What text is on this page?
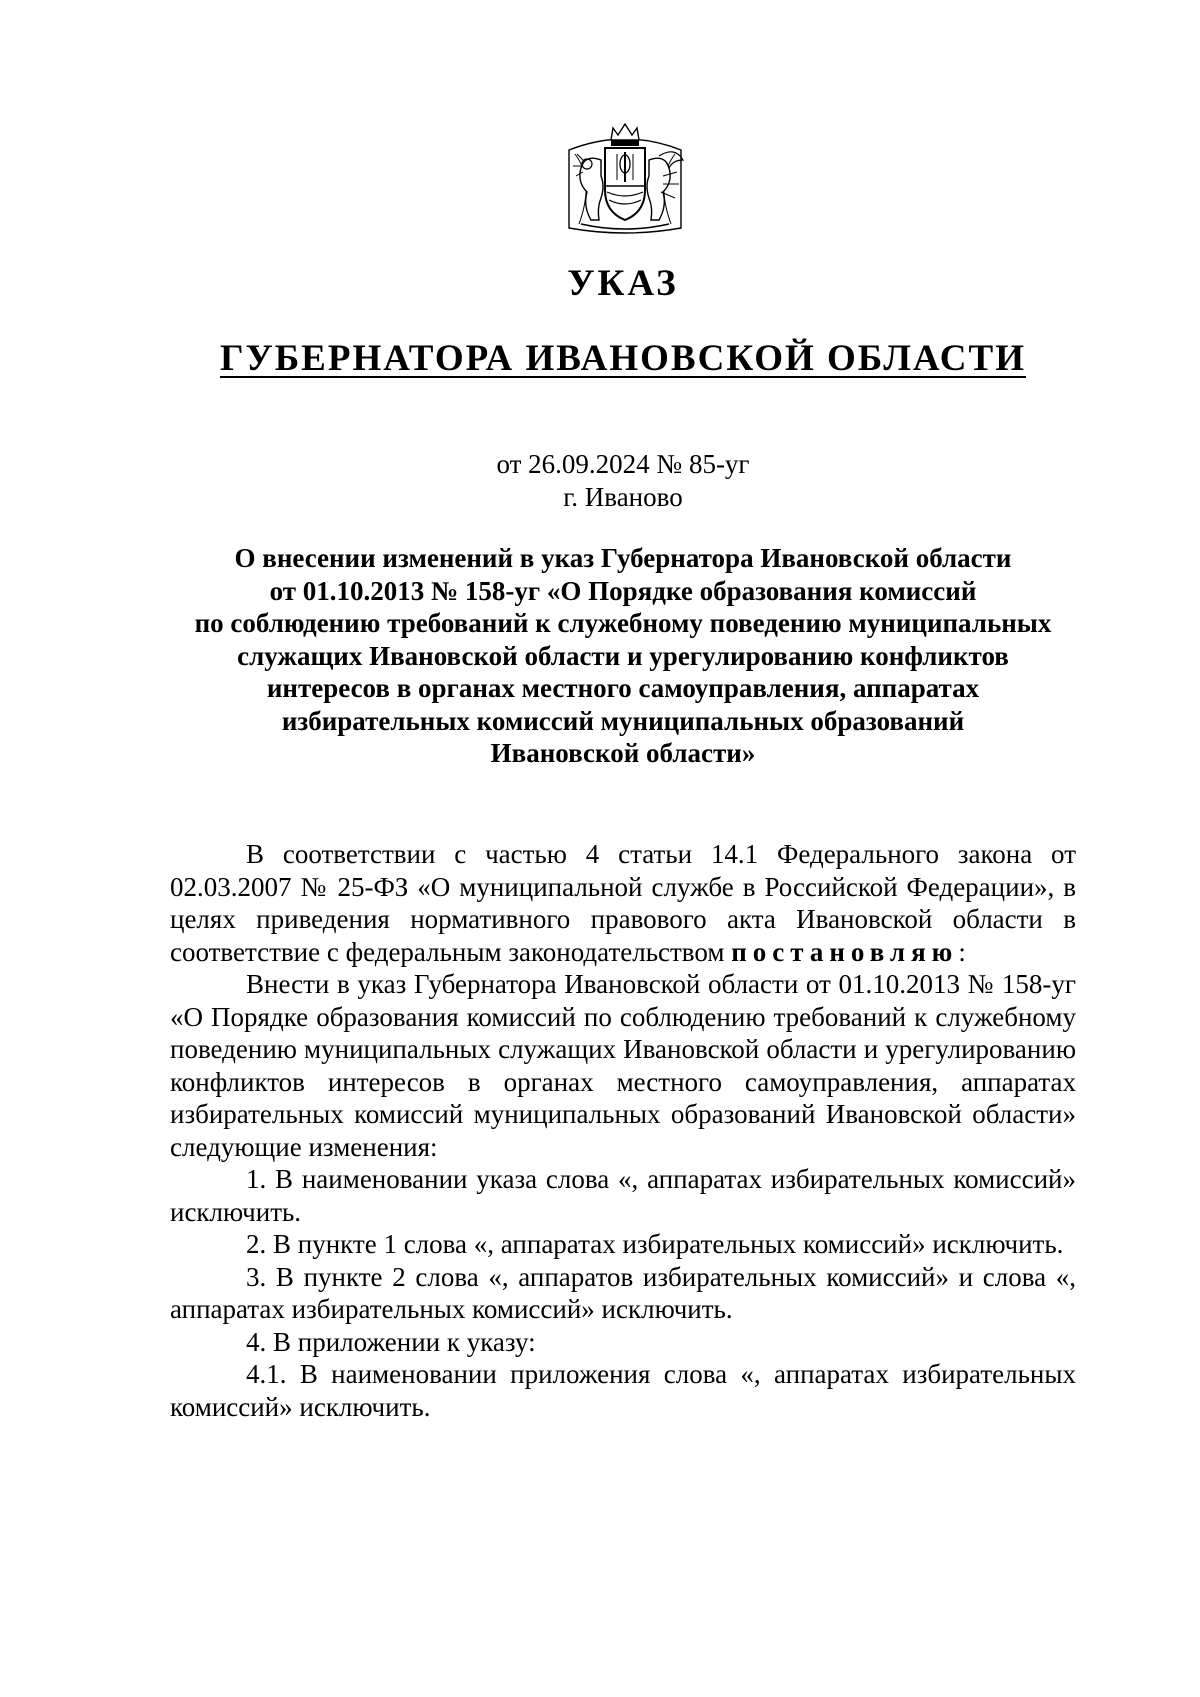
УКАЗ
ГУБЕРНАТОРА ИВАНОВСКОЙ ОБЛАСТИ
от 26.09.2024 № 85-уг
г. Иваново
О внесении изменений в указ Губернатора Ивановской области
от 01.10.2013 № 158-уг «О Порядке образования комиссий
по соблюдению требований к служебному поведению муниципальных
служащих Ивановской области и урегулированию конфликтов
интересов в органах местного самоуправления, аппаратах
избирательных комиссий муниципальных образований
Ивановской области»

В соответствии с частью 4 статьи 14.1 Федерального закона от 02.03.2007 № 25-ФЗ «О муниципальной службе в Российской Федерации», в целях приведения нормативного правового акта Ивановской области в соответствие с федеральным законодательством постановляю:

Внести в указ Губернатора Ивановской области от 01.10.2013 № 158-уг «О Порядке образования комиссий по соблюдению требований к служебному поведению муниципальных служащих Ивановской области и урегулированию конфликтов интересов в органах местного самоуправления, аппаратах избирательных комиссий муниципальных образований Ивановской области» следующие изменения:

1. В наименовании указа слова «, аппаратах избирательных комиссий» исключить.

2. В пункте 1 слова «, аппаратах избирательных комиссий» исключить.

3. В пункте 2 слова «, аппаратов избирательных комиссий» и слова «, аппаратах избирательных комиссий» исключить.

4. В приложении к указу:

4.1. В наименовании приложения слова «, аппаратах избирательных комиссий» исключить.
